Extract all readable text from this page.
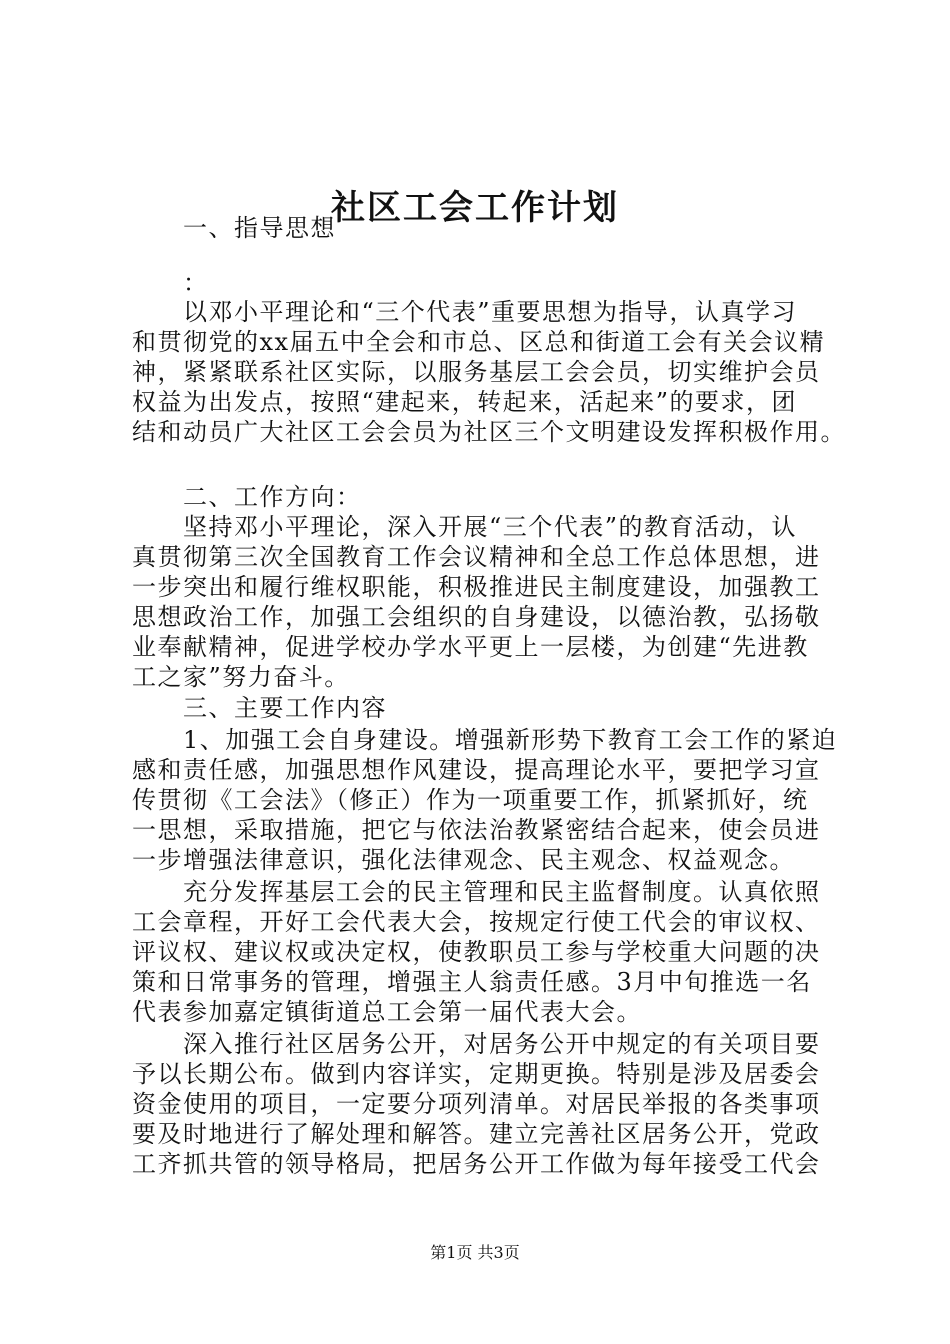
社区工会工作计划
　　一、指导思想
　　：
　　以邓小平理论和“三个代表”重要思想为指导，认真学习
和贯彻党的xx届五中全会和市总、区总和街道工会有关会议精
神，紧紧联系社区实际，以服务基层工会会员，切实维护会员
权益为出发点，按照“建起来，转起来，活起来”的要求，团
结和动员广大社区工会会员为社区三个文明建设发挥积极作用。
　　二、工作方向：
　　坚持邓小平理论，深入开展“三个代表”的教育活动，认
真贯彻第三次全国教育工作会议精神和全总工作总体思想，进
一步突出和履行维权职能，积极推进民主制度建设，加强教工
思想政治工作，加强工会组织的自身建设，以德治教，弘扬敬
业奉献精神，促进学校办学水平更上一层楼，为创建“先进教
工之家”努力奋斗。
　　三、主要工作内容
　　1、加强工会自身建设。增强新形势下教育工会工作的紧迫
感和责任感，加强思想作风建设，提高理论水平，要把学习宣
传贯彻《工会法》（修正）作为一项重要工作，抓紧抓好，统
一思想，采取措施，把它与依法治教紧密结合起来，使会员进
一步增强法律意识，强化法律观念、民主观念、权益观念。
　　充分发挥基层工会的民主管理和民主监督制度。认真依照
工会章程，开好工会代表大会，按规定行使工代会的审议权、
评议权、建议权或决定权，使教职员工参与学校重大问题的决
策和日常事务的管理，增强主人翁责任感。3月中旬推选一名
代表参加嘉定镇街道总工会第一届代表大会。
　　深入推行社区居务公开，对居务公开中规定的有关项目要
予以长期公布。做到内容详实，定期更换。特别是涉及居委会
资金使用的项目，一定要分项列清单。对居民举报的各类事项
要及时地进行了解处理和解答。建立完善社区居务公开，党政
工齐抓共管的领导格局，把居务公开工作做为每年接受工代会
第1页 共3页
